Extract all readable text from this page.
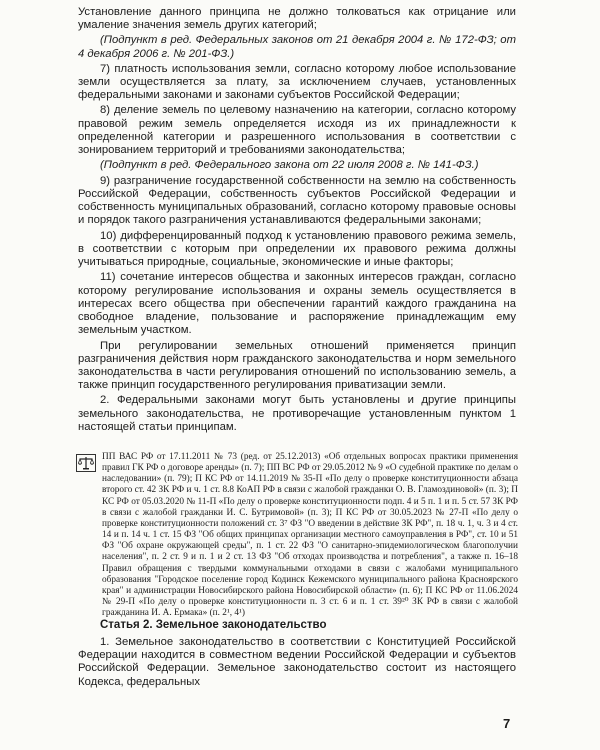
Установление данного принципа не должно толковаться как отрицание или умаление значения земель других категорий;

(Подпункт в ред. Федеральных законов от 21 декабря 2004 г. № 172-ФЗ; от 4 декабря 2006 г. № 201-ФЗ.)

7) платность использования земли, согласно которому любое использование земли осуществляется за плату, за исключением случаев, установленных федеральными законами и законами субъектов Российской Федерации;

8) деление земель по целевому назначению на категории, согласно которому правовой режим земель определяется исходя из их принадлежности к определенной категории и разрешенного использования в соответствии с зонированием территорий и требованиями законодательства;

(Подпункт в ред. Федерального закона от 22 июля 2008 г. № 141-ФЗ.)

9) разграничение государственной собственности на землю на собственность Российской Федерации, собственность субъектов Российской Федерации и собственность муниципальных образований, согласно которому правовые основы и порядок такого разграничения устанавливаются федеральными законами;

10) дифференцированный подход к установлению правового режима земель, в соответствии с которым при определении их правового режима должны учитываться природные, социальные, экономические и иные факторы;

11) сочетание интересов общества и законных интересов граждан, согласно которому регулирование использования и охраны земель осуществляется в интересах всего общества при обеспечении гарантий каждого гражданина на свободное владение, пользование и распоряжение принадлежащим ему земельным участком.

При регулировании земельных отношений применяется принцип разграничения действия норм гражданского законодательства и норм земельного законодательства в части регулирования отношений по использованию земель, а также принцип государственного регулирования приватизации земли.

2. Федеральными законами могут быть установлены и другие принципы земельного законодательства, не противоречащие установленным пунктом 1 настоящей статьи принципам.

ПП ВАС РФ от 17.11.2011 № 73 (ред. от 25.12.2013) «Об отдельных вопросах практики применения правил ГК РФ о договоре аренды» (п. 7); ПП ВС РФ от 29.05.2012 № 9 «О судебной практике по делам о наследовании» (п. 79); П КС РФ от 14.11.2019 № 35-П «По делу о проверке конституционности абзаца второго ст. 42 ЗК РФ и ч. 1 ст. 8.8 КоАП РФ в связи с жалобой гражданки О. В. Гламоздиновой» (п. 3); П КС РФ от 05.03.2020 № 11-П «По делу о проверке конституционности подп. 4 и 5 п. 1 и п. 5 ст. 57 ЗК РФ в связи с жалобой гражданки И. С. Бутримовой» (п. 3); П КС РФ от 30.05.2023 № 27-П «По делу о проверке конституционности положений ст. 3⁷ ФЗ "О введении в действие ЗК РФ", п. 18 ч. 1, ч. 3 и 4 ст. 14 и п. 14 ч. 1 ст. 15 ФЗ "Об общих принципах организации местного самоуправления в РФ", ст. 10 и 51 ФЗ "Об охране окружающей среды", п. 1 ст. 22 ФЗ "О санитарно-эпидемиологическом благополучии населения", п. 2 ст. 9 и п. 1 и 2 ст. 13 ФЗ "Об отходах производства и потребления", а также п. 16–18 Правил обращения с твердыми коммунальными отходами в связи с жалобами муниципального образования "Городское поселение город Кодинск Кежемского муниципального района Красноярского края" и администрации Новосибирского района Новосибирской области» (п. 6); П КС РФ от 11.06.2024 № 29-П «По делу о проверке конституционности п. 3 ст. 6 и п. 1 ст. 39²⁰ ЗК РФ в связи с жалобой гражданина И. А. Ермака» (п. 2¹, 4¹)
Статья 2. Земельное законодательство

1. Земельное законодательство в соответствии с Конституцией Российской Федерации находится в совместном ведении Российской Федерации и субъектов Российской Федерации. Земельное законодательство состоит из настоящего Кодекса, федеральных

7
